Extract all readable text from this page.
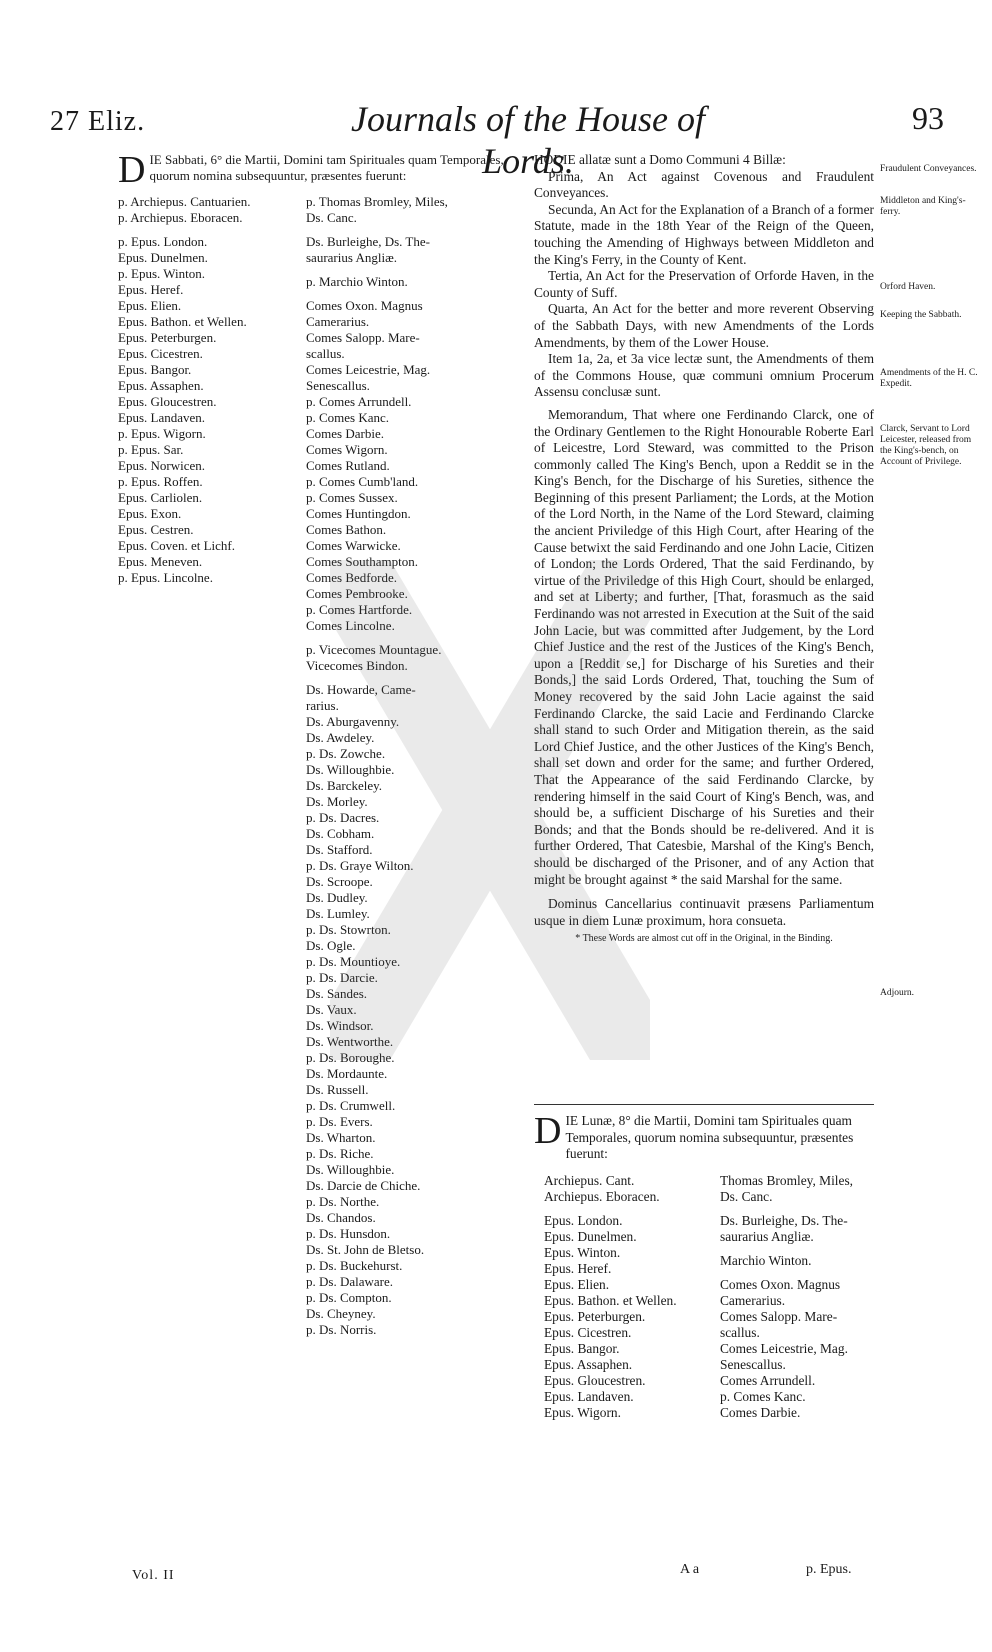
27 Eliz.	Journals of the House of Lords.
93

D IE Sabbati, 6° die Martii, Domini tam Spirituales quam Temporales, quorum nomina subsequuntur, præsentes fuerunt:

p. Archiepus. Cantuarien.
p. Archiepus. Eboracen.
p. Epus. London.
Epus. Dunelmen.
p. Epus. Winton.
Epus. Heref.
Epus. Elien.
Epus. Bathon. et Wellen.
Epus. Peterburgen.
Epus. Cicestren.
Epus. Bangor.
Epus. Assaphen.
Epus. Gloucestren.
Epus. Landaven.
p. Epus. Wigorn.
p. Epus. Sar.
Epus. Norwicen.
p. Epus. Roffen.
Epus. Carliolen.
Epus. Exon.
Epus. Cestren.
Epus. Coven. et Lichf.
Epus. Meneven.
p. Epus. Lincolne.
p. Thomas Bromley, Miles,
Ds. Canc.
Ds. Burleighe, Ds. The-
saurarius Angliæ.
p. Marchio Winton.
Comes Oxon. Magnus
Camerarius.
Comes Salopp. Mare-
scallus.
Comes Leicestrie, Mag.
Senescallus.
p. Comes Arrundell.
p. Comes Kanc.
Comes Darbie.
Comes Wigorn.
Comes Rutland.
p. Comes Cumb'land.
p. Comes Sussex.
Comes Huntingdon.
Comes Bathon.
Comes Warwicke.
Comes Southampton.
Comes Bedforde.
Comes Pembrooke.
p. Comes Hartforde.
Comes Lincolne.
p. Vicecomes Mountague.
Vicecomes Bindon.
Ds. Howarde, Came-
rarius.
Ds. Aburgavenny.
Ds. Awdeley.
p. Ds. Zowche.
Ds. Willoughbie.
Ds. Barckeley.
Ds. Morley.
p. Ds. Dacres.
Ds. Cobham.
Ds. Stafford.
p. Ds. Graye Wilton.
Ds. Scroope.
Ds. Dudley.
Ds. Lumley.
p. Ds. Stowrton.
Ds. Ogle.
p. Ds. Mountioye.
p. Ds. Darcie.
Ds. Sandes.
Ds. Vaux.
Ds. Windsor.
Ds. Wentworthe.
p. Ds. Boroughe.
Ds. Mordaunte.
Ds. Russell.
p. Ds. Crumwell.
p. Ds. Evers.
Ds. Wharton.
p. Ds. Riche.
Ds. Willoughbie.
Ds. Darcie de Chiche.
p. Ds. Northe.
Ds. Chandos.
p. Ds. Hunsdon.
Ds. St. John de Bletso.
p. Ds. Buckehurst.
p. Ds. Dalaware.
p. Ds. Compton.
Ds. Cheyney.
p. Ds. Norris.

HODIE allatæ sunt a Domo Communi 4 Billæ:

Prima, An Act against Covenous and Fraudulent Conveyances.

Secunda, An Act for the Explanation of a Branch of a former Statute, made in the 18th Year of the Reign of the Queen, touching the Amending of Highways between Middleton and the King's Ferry, in the County of Kent.

Tertia, An Act for the Preservation of Orforde Haven, in the County of Suff.

Quarta, An Act for the better and more reverent Observing of the Sabbath Days, with new Amendments of the Lords Amendments, by them of the Lower House.

Item 1a, 2a, et 3a vice lectæ sunt, the Amendments of them of the Commons House, quæ communi omnium Procerum Assensu conclusæ sunt.

Memorandum, That where one Ferdinando Clarck, one of the Ordinary Gentlemen to the Right Honourable Roberte Earl of Leicestre, Lord Steward, was committed to the Prison commonly called The King's Bench, upon a Reddit se in the King's Bench, for the Discharge of his Sureties, sithence the Beginning of this present Parliament; the Lords, at the Motion of the Lord North, in the Name of the Lord Steward, claiming the ancient Priviledge of this High Court, after Hearing of the Cause betwixt the said Ferdinando and one John Lacie, Citizen of London; the Lords Ordered, That the said Ferdinando, by virtue of the Priviledge of this High Court, should be enlarged, and set at Liberty; and further, [That, forasmuch as the said Ferdinando was not arrested in Execution at the Suit of the said John Lacie, but was committed after Judgement, by the Lord Chief Justice and the rest of the Justices of the King's Bench, upon a [Reddit se,] for Discharge of his Sureties and their Bonds,] the said Lords Ordered, That, touching the Sum of Money recovered by the said John Lacie against the said Ferdinando Clarcke, the said Lacie and Ferdinando Clarcke shall stand to such Order and Mitigation therein, as the said Lord Chief Justice, and the other Justices of the King's Bench, shall set down and order for the same; and further Ordered, That the Appearance of the said Ferdinando Clarcke, by rendering himself in the said Court of King's Bench, was, and should be, a sufficient Discharge of his Sureties and their Bonds; and that the Bonds should be re-delivered. And it is further Ordered, That Catesbie, Marshal of the King's Bench, should be discharged of the Prisoner, and of any Action that might be brought against * the said Marshal for the same.

Dominus Cancellarius continuavit præsens Parliamentum usque in diem Lunæ proximum, hora consueta.

* These Words are almost cut off in the Original, in the Binding.

Fraudulent Conveyances.
Middleton and King's-ferry.
Orford Haven.
Keeping the Sabbath.
Amendments of the H. C. Expedit.
Clarck, Servant to Lord Leicester, released from the King's-bench, on Account of Privilege.
Adjourn.

D IE Lunæ, 8° die Martii, Domini tam Spirituales quam Temporales, quorum nomina subsequuntur, præsentes fuerunt:

Archiepus. Cant.
Archiepus. Eboracen.
Epus. London.
Epus. Dunelmen.
Epus. Winton.
Epus. Heref.
Epus. Elien.
Epus. Bathon. et Wellen.
Epus. Peterburgen.
Epus. Cicestren.
Epus. Bangor.
Epus. Assaphen.
Epus. Gloucestren.
Epus. Landaven.
Epus. Wigorn.
Thomas Bromley, Miles,
Ds. Canc.
Ds. Burleighe, Ds. The-
saurarius Angliæ.
Marchio Winton.
Comes Oxon. Magnus
Camerarius.
Comes Salopp. Mare-
scallus.
Comes Leicestrie, Mag.
Senescallus.
Comes Arrundell.
p. Comes Kanc.
Comes Darbie.
Vol. II	A a	p. Epus.
